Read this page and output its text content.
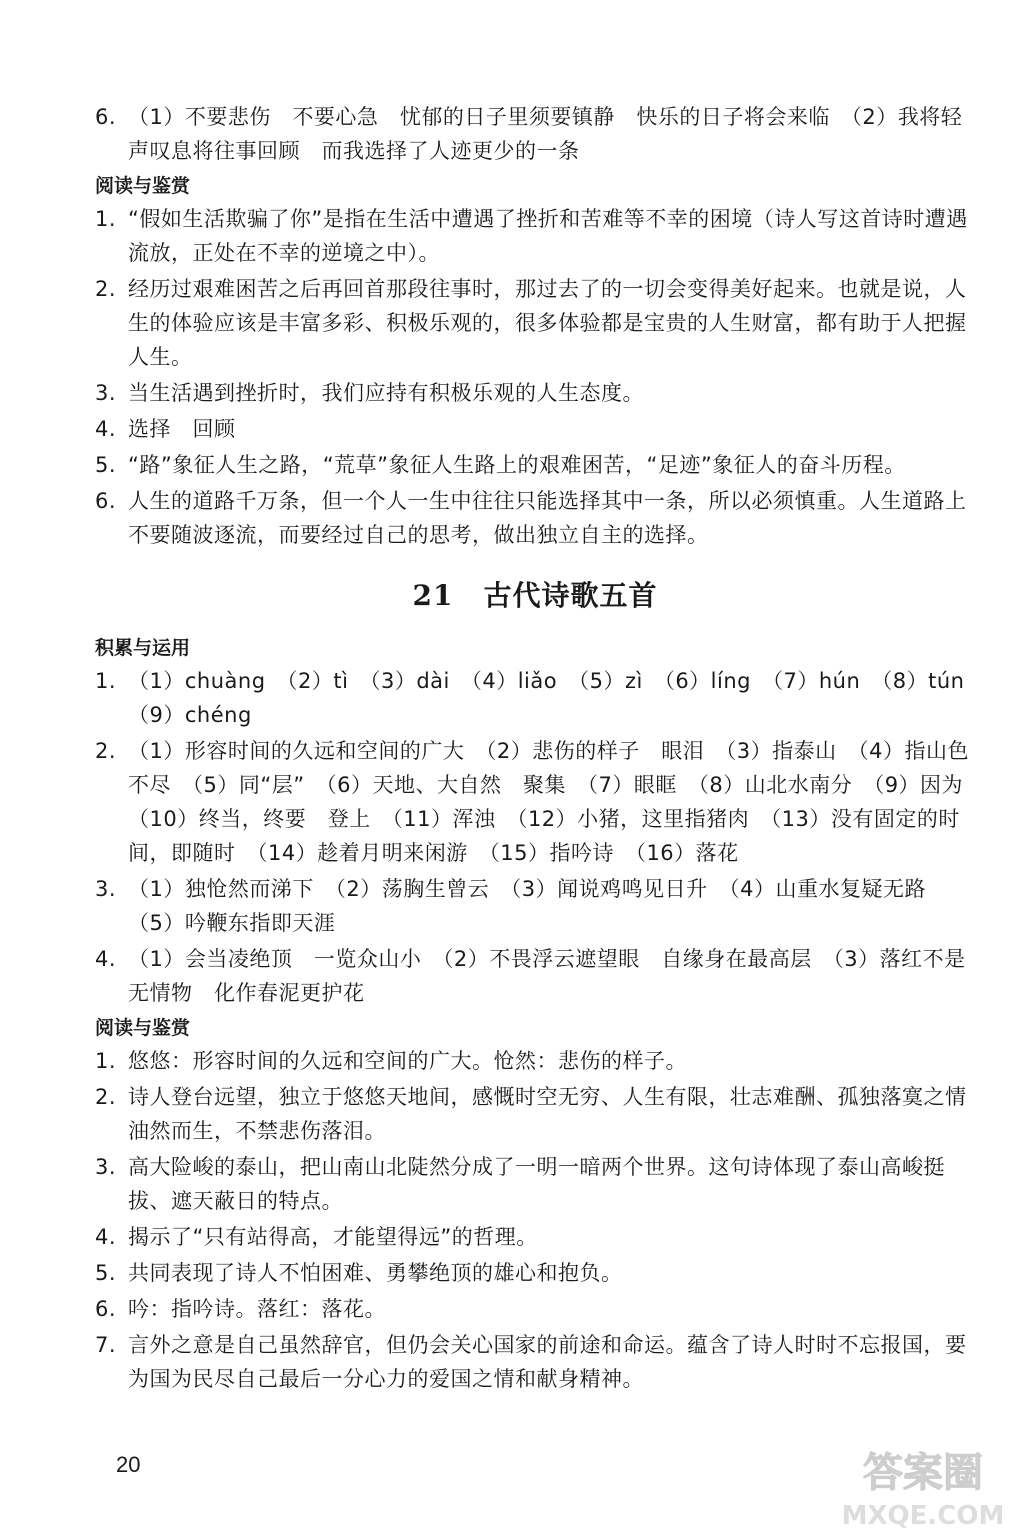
6. （1）不要悲伤　不要心急　忧郁的日子里须要镇静　快乐的日子将会来临　（2）我将轻声叹息将往事回顾　而我选择了人迹更少的一条

阅读与鉴赏

1. “假如生活欺骗了你”是指在生活中遭遇了挫折和苦难等不幸的困境（诗人写这首诗时遭遇流放，正处在不幸的逆境之中）。

2. 经历过艰难困苦之后再回首那段往事时，那过去了的一切会变得美好起来。也就是说，人生的体验应该是丰富多彩、积极乐观的，很多体验都是宝贵的人生财富，都有助于人把握人生。

3. 当生活遇到挫折时，我们应持有积极乐观的人生态度。

4. 选择　回顾

5. “路”象征人生之路，“荒草”象征人生路上的艰难困苦，“足迹”象征人的奋斗历程。

6. 人生的道路千万条，但一个人一生中往往只能选择其中一条，所以必须慎重。人生道路上不要随波逐流，而要经过自己的思考，做出独立自主的选择。

21 古代诗歌五首
积累与运用

1. （1）chuàng　（2）tì　（3）dài　（4）liǎo　（5）zì　（6）líng　（7）hún　（8）tún　（9）chéng

2. （1）形容时间的久远和空间的广大　（2）悲伤的样子　眼泪　（3）指泰山　（4）指山色　不尽　（5）同“层”　（6）天地、大自然　聚集　（7）眼眶　（8）山北水南分　（9）因为　（10）终当，终要　登上　（11）浑浊　（12）小猪，这里指猪肉　（13）没有固定的时间，即随时　（14）趁着月明来闲游　（15）指吟诗　（16）落花

3. （1）独怆然而涕下　（2）荡胸生曾云　（3）闻说鸡鸣见日升　（4）山重水复疑无路　（5）吟鞭东指即天涯

4. （1）会当凌绝顶　一览众山小　（2）不畏浮云遮望眼　自缘身在最高层　（3）落红不是无情物　化作春泥更护花

阅读与鉴赏

1. 悠悠：形容时间的久远和空间的广大。怆然：悲伤的样子。

2. 诗人登台远望，独立于悠悠天地间，感慨时空无穷、人生有限，壮志难酬、孤独落寞之情油然而生，不禁悲伤落泪。

3. 高大险峻的泰山，把山南山北陡然分成了一明一暗两个世界。这句诗体现了泰山高峻挺拔、遮天蔽日的特点。

4. 揭示了“只有站得高，才能望得远”的哲理。

5. 共同表现了诗人不怕困难、勇攀绝顶的雄心和抱负。

6. 吟：指吟诗。落红：落花。

7. 言外之意是自己虽然辞官，但仍会关心国家的前途和命运。蕴含了诗人时时不忘报国，要为国为民尽自己最后一分心力的爱国之情和献身精神。

20	答案圈
MXQE.COM
